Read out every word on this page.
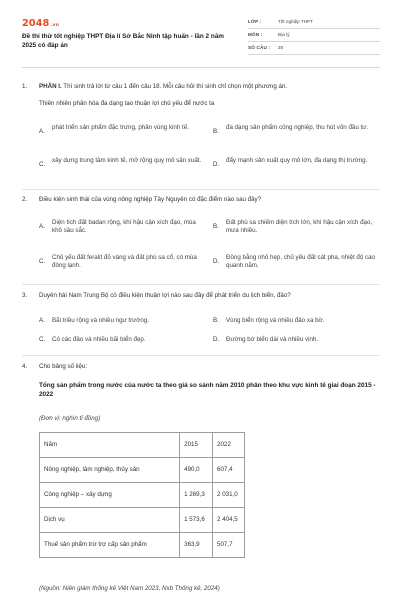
2048.vn
Đề thi thử tốt nghiệp THPT Địa lí Sở Bắc Ninh tập huấn - lần 2 năm 2025 có đáp án
LỚP :	Tốt nghiệp THPT
MÔN :	Địa lý
SỐ CÂU : 28
1. PHẦN I. Thí sinh trả lời từ câu 1 đến câu 18. Mỗi câu hỏi thí sinh chỉ chọn một phương án.
Thiên nhiên phân hóa đa dạng tạo thuận lợi chủ yếu để nước ta
A.
phát triển sản phẩm đặc trưng, phân vùng kinh tế.
B.
đa dạng sản phẩm công nghiệp, thu hút vốn đầu tư.
C.
xây dựng trung tâm kinh tế, mở rộng quy mô sản xuất.
D.
đẩy mạnh sản xuất quy mô lớn, đa dạng thị trường.
2. Điều kiện sinh thái của vùng nông nghiệp Tây Nguyên có đặc điểm nào sau đây?
A.
Diện tích đất badan rộng, khí hậu cận xích đạo, mùa khô sâu sắc.
B.
Đất phù sa chiếm diện tích lớn, khí hậu cận xích đạo, mưa nhiều.
C.
Chủ yếu đất feralit đỏ vàng và đất phù sa cổ, có mùa đông lạnh.
D.
Đồng bằng nhỏ hẹp, chủ yếu đất cát pha, nhiệt độ cao quanh năm.
3. Duyên hải Nam Trung Bộ có điều kiện thuận lợi nào sau đây để phát triển du lịch biển, đảo?
A. Bãi triều rộng và nhiều ngư trường.	B. Vùng biển rộng và nhiều đảo xa bờ.
C. Có các đảo và nhiều bãi biển đẹp.	D. Đường bờ biển dài và nhiều vịnh.
4. Cho bảng số liệu:
Tổng sản phẩm trong nước của nước ta theo giá so sánh năm 2010 phân theo khu vực kinh tế giai đoạn 2015 - 2022
(Đơn vị: nghìn tỉ đồng)
Năm	2015	2022
Nông nghiệp, lâm nghiệp, thủy sản	490,0	607,4
Công nghiệp – xây dựng	1 269,3	2 031,0
Dịch vụ	1 573,6	2 404,5
Thuế sản phẩm trừ trợ cấp sản phẩm	363,9	507,7
(Nguồn: Niên giám thống kê Việt Nam 2023, Nxb Thống kê, 2024)
